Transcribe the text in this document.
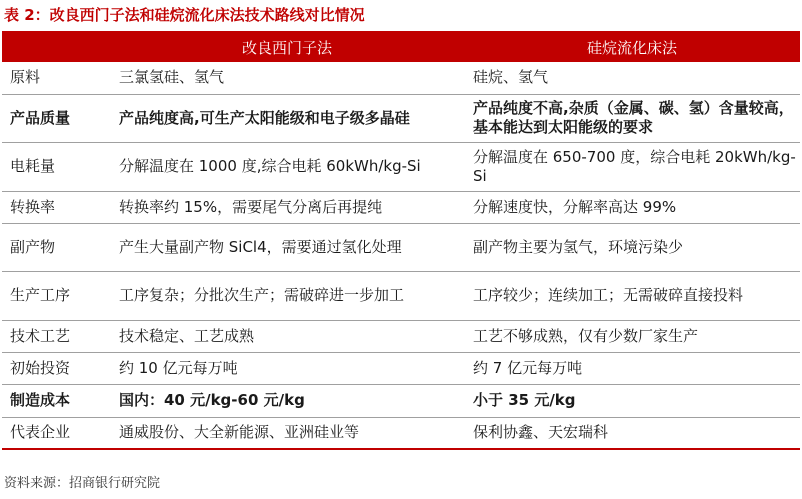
表 2：改良西门子法和硅烷流化床法技术路线对比情况
	改良西门子法	硅烷流化床法
原料	三氯氢硅、氢气	硅烷、氢气
产品质量	产品纯度高,可生产太阳能级和电子级多晶硅	产品纯度不高,杂质（金属、碳、氢）含量较高，基本能达到太阳能级的要求
电耗量	分解温度在 1000 度,综合电耗 60kWh/kg-Si	分解温度在 650-700 度，综合电耗 20kWh/kg-Si
转换率	转换率约 15%，需要尾气分离后再提纯	分解速度快，分解率高达 99%
副产物	产生大量副产物 SiCl4，需要通过氢化处理	副产物主要为氢气，环境污染少
生产工序	工序复杂；分批次生产；需破碎进一步加工	工序较少；连续加工；无需破碎直接投料
技术工艺	技术稳定、工艺成熟	工艺不够成熟，仅有少数厂家生产
初始投资	约 10 亿元每万吨	约 7 亿元每万吨
制造成本	国内：40 元/kg-60 元/kg	小于 35 元/kg
代表企业	通威股份、大全新能源、亚洲硅业等	保利协鑫、天宏瑞科
资料来源：招商银行研究院
